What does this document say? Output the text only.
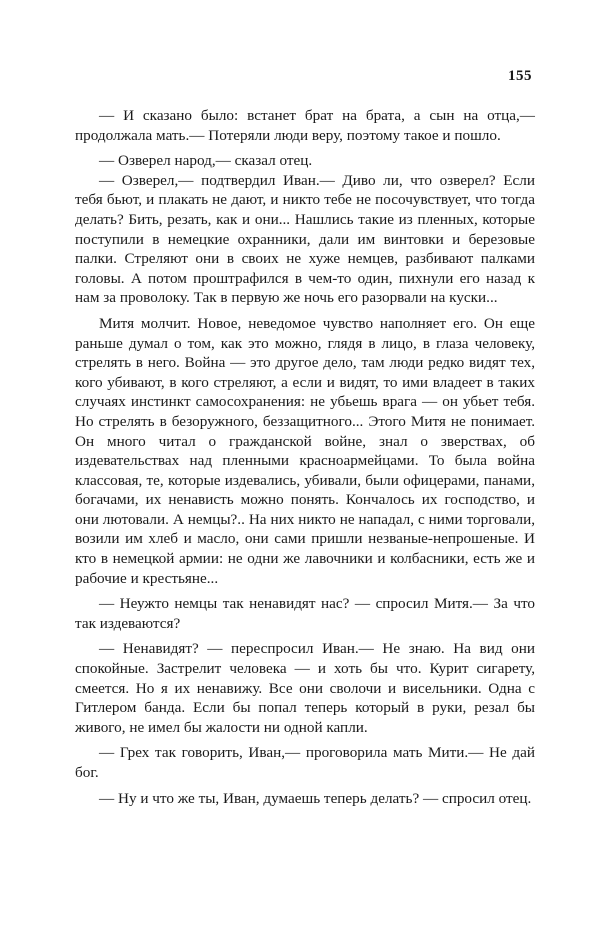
155

— И сказано было: встанет брат на брата, а сын на отца,— продолжала мать.— Потеряли люди веру, поэтому такое и пошло.

— Озверел народ,— сказал отец.

— Озверел,— подтвердил Иван.— Диво ли, что озверел? Если тебя бьют, и плакать не дают, и никто тебе не посочувствует, что тогда делать? Бить, резать, как и они... Нашлись такие из пленных, которые поступили в немецкие охранники, дали им винтовки и березовые палки. Стреляют они в своих не хуже немцев, разбивают палками головы. А потом проштрафился в чем-то один, пихнули его назад к нам за проволоку. Так в первую же ночь его разорвали на куски...

Митя молчит. Новое, неведомое чувство наполняет его. Он еще раньше думал о том, как это можно, глядя в лицо, в глаза человеку, стрелять в него. Война — это другое дело, там люди редко видят тех, кого убивают, в кого стреляют, а если и видят, то ими владеет в таких случаях инстинкт самосохранения: не убьешь врага — он убьет тебя. Но стрелять в безоружного, беззащитного... Этого Митя не понимает. Он много читал о гражданской войне, знал о зверствах, об издевательствах над пленными красноармейцами. То была война классовая, те, которые издевались, убивали, были офицерами, панами, богачами, их ненависть можно понять. Кончалось их господство, и они лютовали. А немцы?.. На них никто не нападал, с ними торговали, возили им хлеб и масло, они сами пришли незваные-непрошеные. И кто в немецкой армии: не одни же лавочники и колбасники, есть же и рабочие и крестьяне...

— Неужто немцы так ненавидят нас? — спросил Митя.— За что так издеваются?

— Ненавидят? — переспросил Иван.— Не знаю. На вид они спокойные. Застрелит человека — и хоть бы что. Курит сигарету, смеется. Но я их ненавижу. Все они сволочи и висельники. Одна с Гитлером банда. Если бы попал теперь который в руки, резал бы живого, не имел бы жалости ни одной капли.

— Грех так говорить, Иван,— проговорила мать Мити.— Не дай бог.

— Ну и что же ты, Иван, думаешь теперь делать? — спросил отец.
